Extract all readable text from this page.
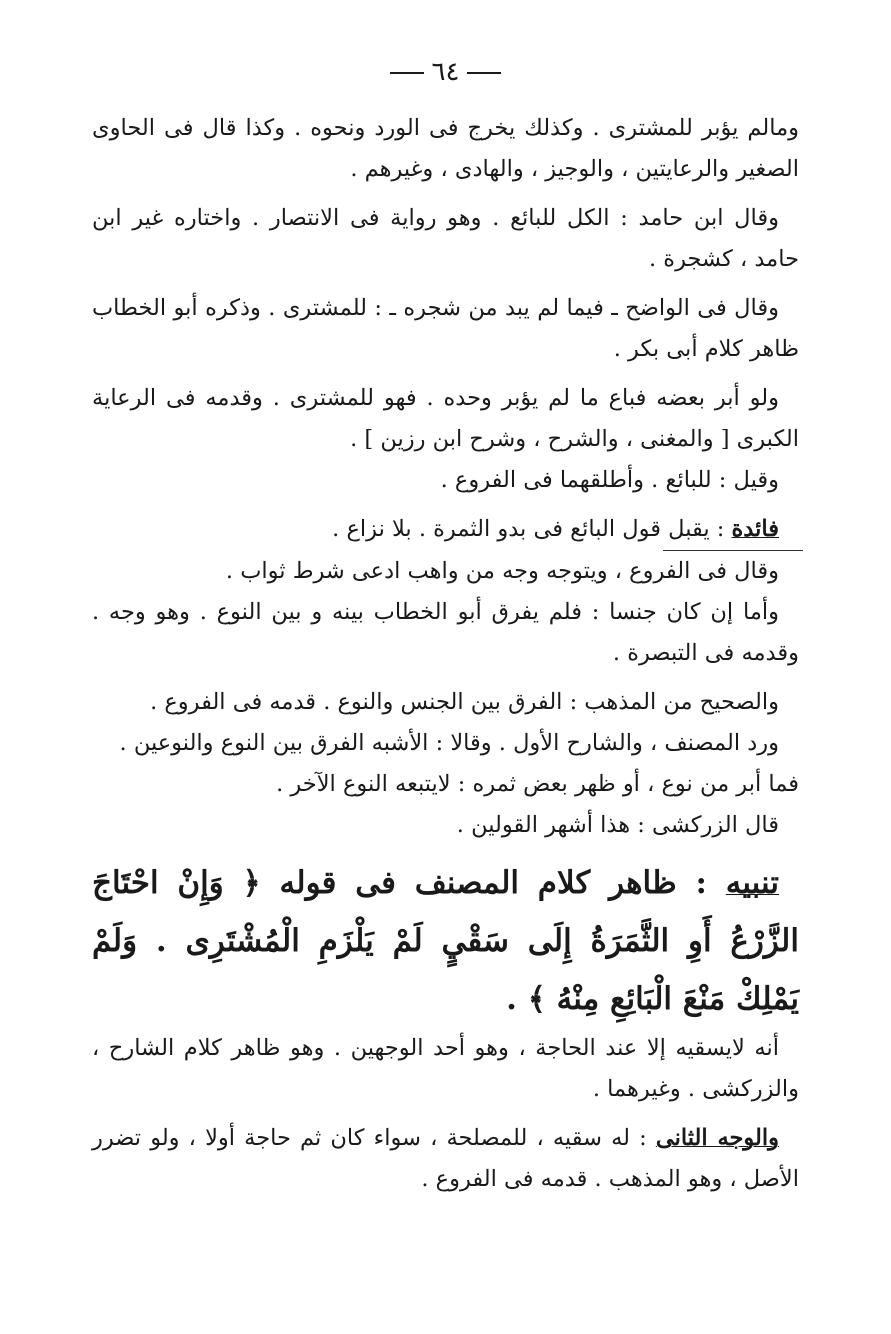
٦٤

ومالم يؤبر للمشترى . وكذلك يخرج فى الورد ونحوه . وكذا قال فى الحاوى الصغير والرعايتين ، والوجيز ، والهادى ، وغيرهم .

وقال ابن حامد : الكل للبائع . وهو رواية فى الانتصار . واختاره غير ابن حامد ، كشجرة .

وقال فى الواضح ـ فيما لم يبد من شجره ـ : للمشترى . وذكره أبو الخطاب ظاهر كلام أبى بكر .

ولو أبر بعضه فباع ما لم يؤبر وحده . فهو للمشترى . وقدمه فى الرعاية الكبرى [ والمغنى ، والشرح ، وشرح ابن رزين ] .

وقيل : للبائع . وأطلقهما فى الفروع .

فائدة : يقبل قول البائع فى بدو الثمرة . بلا نزاع .

وقال فى الفروع ، ويتوجه وجه من واهب ادعى شرط ثواب .

وأما إن كان جنسا : فلم يفرق أبو الخطاب بينه و بين النوع . وهو وجه . وقدمه فى التبصرة .

والصحيح من المذهب : الفرق بين الجنس والنوع . قدمه فى الفروع .

ورد المصنف ، والشارح الأول . وقالا : الأشبه الفرق بين النوع والنوعين .

فما أبر من نوع ، أو ظهر بعض ثمره : لايتبعه النوع الآخر .

قال الزركشى : هذا أشهر القولين .

تنبيه : ظاهر كلام المصنف فى قوله ﴿ وَإِنْ احْتَاجَ الزَّرْعُ أَوِ الثَّمَرَةُ إِلَى سَقْيٍ لَمْ يَلْزَمِ الْمُشْتَرِى . وَلَمْ يَمْلِكْ مَنْعَ الْبَائِعِ مِنْهُ ﴾ .

أنه لايسقيه إلا عند الحاجة ، وهو أحد الوجهين . وهو ظاهر كلام الشارح ، والزركشى . وغيرهما .

والوجه الثانى : له سقيه ، للمصلحة ، سواء كان ثم حاجة أولا ، ولو تضرر الأصل ، وهو المذهب . قدمه فى الفروع .
